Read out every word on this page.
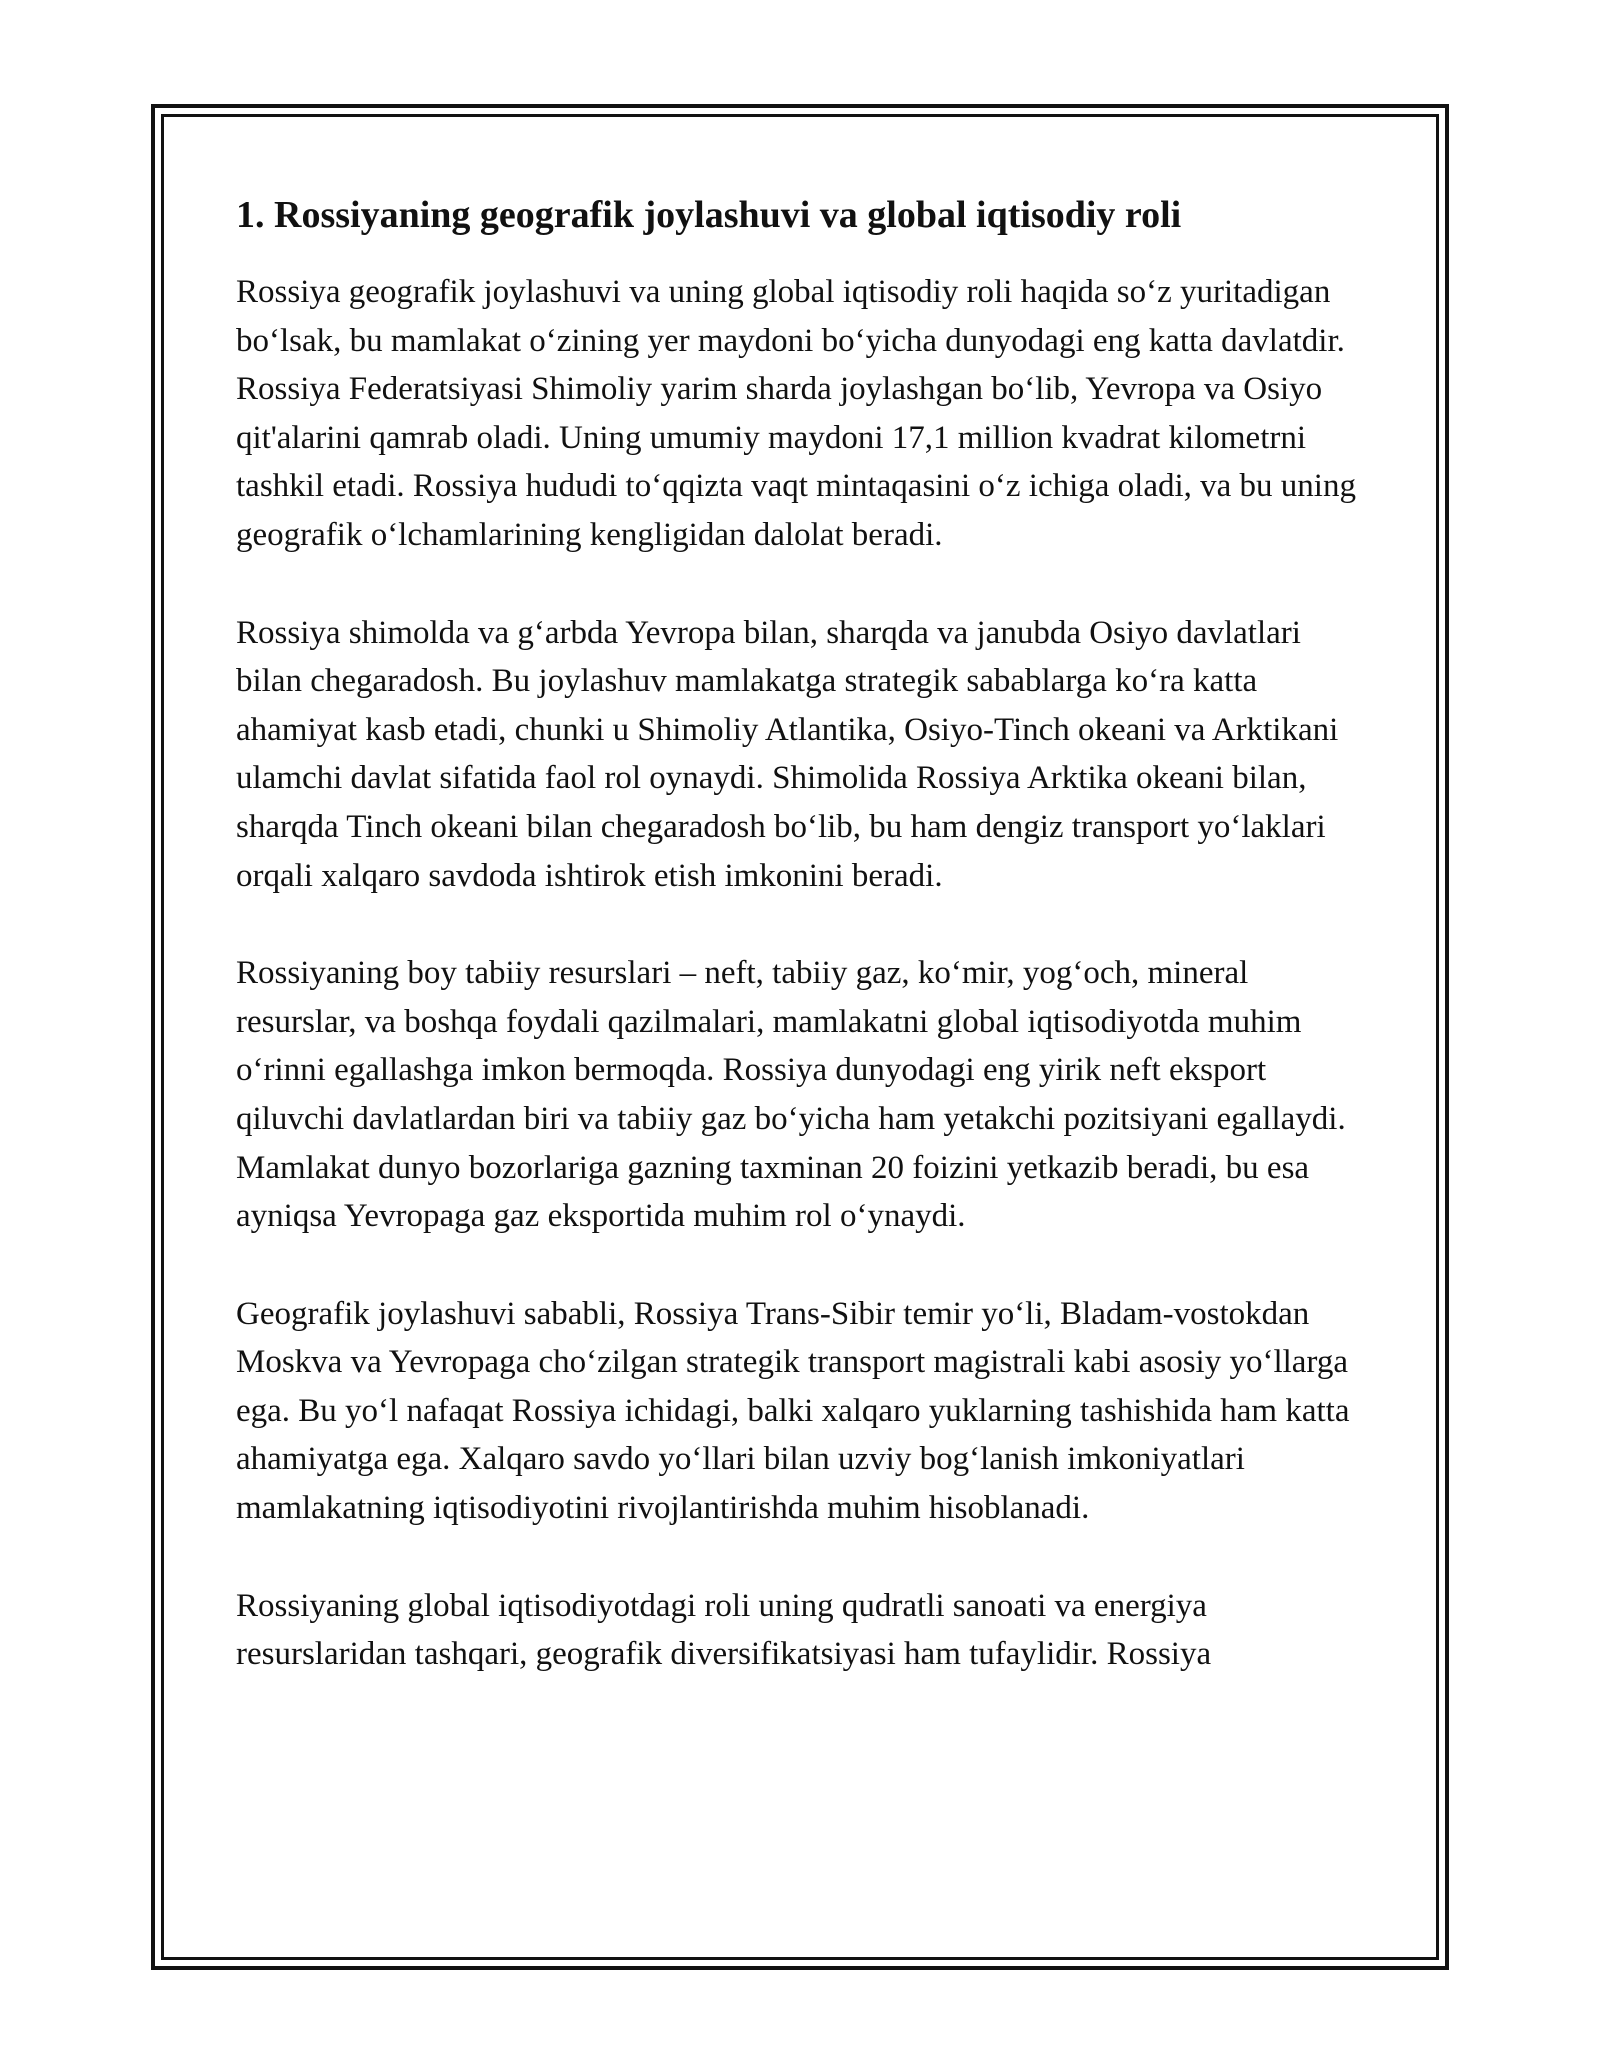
1. Rossiyaning geografik joylashuvi va global iqtisodiy roli

Rossiya geografik joylashuvi va uning global iqtisodiy roli haqida so‘z yuritadigan bo‘lsak, bu mamlakat o‘zining yer maydoni bo‘yicha dunyodagi eng katta davlatdir. Rossiya Federatsiyasi Shimoliy yarim sharda joylashgan bo‘lib, Yevropa va Osiyo qit'alarini qamrab oladi. Uning umumiy maydoni 17,1 million kvadrat kilometrni tashkil etadi. Rossiya hududi to‘qqizta vaqt mintaqasini o‘z ichiga oladi, va bu uning geografik o‘lchamlarining kengligidan dalolat beradi.

Rossiya shimolda va g‘arbda Yevropa bilan, sharqda va janubda Osiyo davlatlari bilan chegaradosh. Bu joylashuv mamlakatga strategik sabablarga ko‘ra katta ahamiyat kasb etadi, chunki u Shimoliy Atlantika, Osiyo-Tinch okeani va Arktikani ulamchi davlat sifatida faol rol oynaydi. Shimolida Rossiya Arktika okeani bilan, sharqda Tinch okeani bilan chegaradosh bo‘lib, bu ham dengiz transport yo‘laklari orqali xalqaro savdoda ishtirok etish imkonini beradi.

Rossiyaning boy tabiiy resurslari – neft, tabiiy gaz, ko‘mir, yog‘och, mineral resurslar, va boshqa foydali qazilmalari, mamlakatni global iqtisodiyotda muhim o‘rinni egallashga imkon bermoqda. Rossiya dunyodagi eng yirik neft eksport qiluvchi davlatlardan biri va tabiiy gaz bo‘yicha ham yetakchi pozitsiyani egallaydi. Mamlakat dunyo bozorlariga gazning taxminan 20 foizini yetkazib beradi, bu esa ayniqsa Yevropaga gaz eksportida muhim rol o‘ynaydi.

Geografik joylashuvi sababli, Rossiya Trans-Sibir temir yo‘li, Bladam-vostokdan Moskva va Yevropaga cho‘zilgan strategik transport magistrali kabi asosiy yo‘llarga ega. Bu yo‘l nafaqat Rossiya ichidagi, balki xalqaro yuklarning tashishida ham katta ahamiyatga ega. Xalqaro savdo yo‘llari bilan uzviy bog‘lanish imkoniyatlari mamlakatning iqtisodiyotini rivojlantirishda muhim hisoblanadi.

Rossiyaning global iqtisodiyotdagi roli uning qudratli sanoati va energiya resurslaridan tashqari, geografik diversifikatsiyasi ham tufaylidir. Rossiya
